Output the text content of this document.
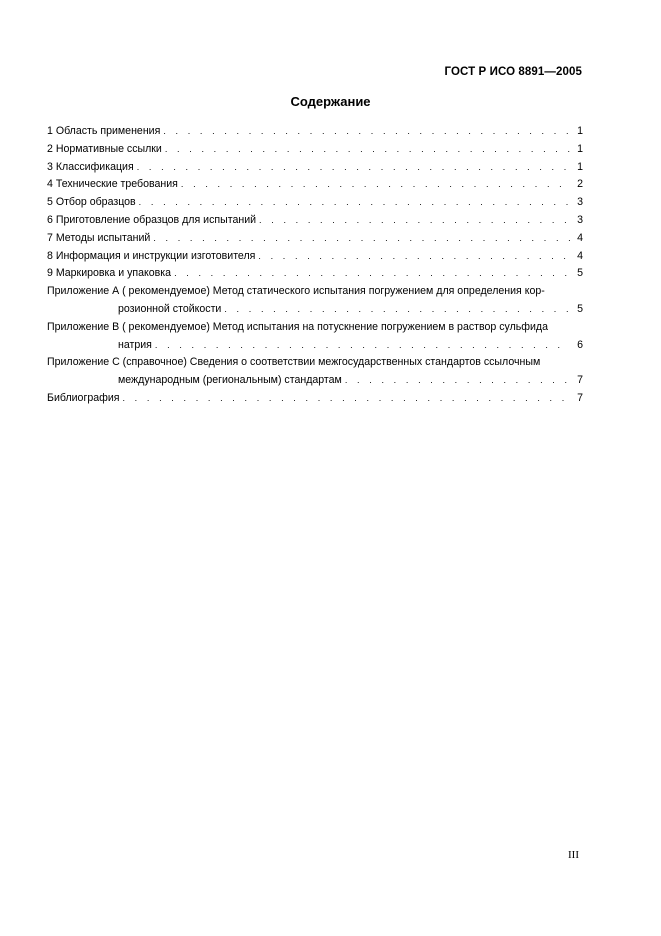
ГОСТ Р ИСО 8891—2005
Содержание
1 Область применения . . .	1
2 Нормативные ссылки . . .	1
3 Классификация . . .	1
4 Технические требования . . .	2
5 Отбор образцов . . .	3
6 Приготовление образцов для испытаний . . .	3
7 Методы испытаний . . .	4
8 Информация и инструкции изготовителя . . .	4
9 Маркировка и упаковка . . .	5
Приложение А ( рекомендуемое) Метод статического испытания погружением для определения кор-
розионной стойкости . . .	5
Приложение В ( рекомендуемое) Метод испытания на потускнение погружением в раствор сульфида
натрия . . .	6
Приложение С (справочное) Сведения о соответствии межгосударственных стандартов ссылочным
международным (региональным) стандартам . . .	7
Библиография . . .	7
III
